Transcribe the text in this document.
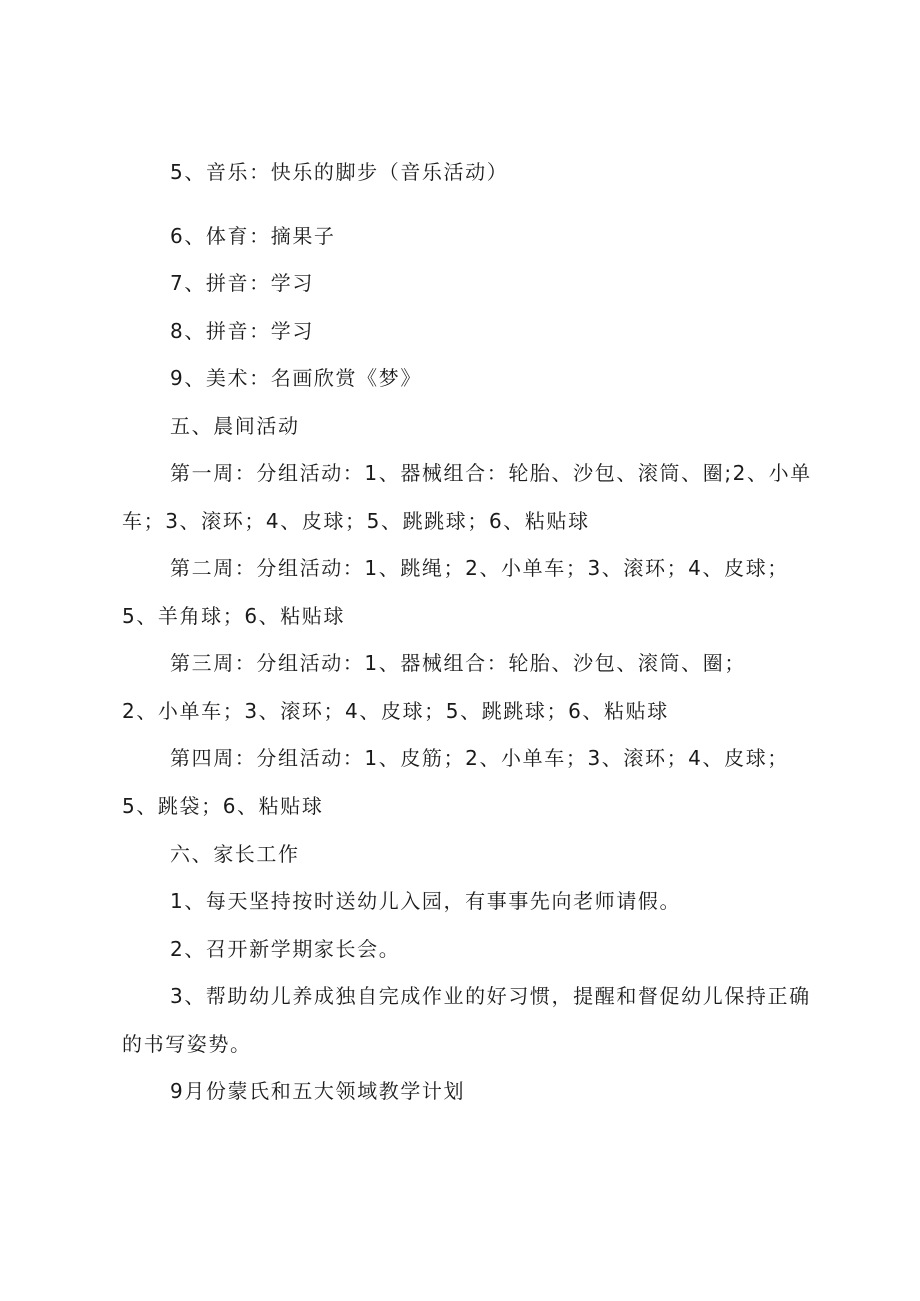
5、音乐：快乐的脚步（音乐活动）

6、体育：摘果子

7、拼音：学习

8、拼音：学习

9、美术：名画欣赏《梦》

五、晨间活动

第一周：分组活动：1、器械组合：轮胎、沙包、滚筒、圈;2、小单

车；3、滚环；4、皮球；5、跳跳球；6、粘贴球

第二周：分组活动：1、跳绳；2、小单车；3、滚环；4、皮球；

5、羊角球；6、粘贴球

第三周：分组活动：1、器械组合：轮胎、沙包、滚筒、圈；

2、小单车；3、滚环；4、皮球；5、跳跳球；6、粘贴球

第四周：分组活动：1、皮筋；2、小单车；3、滚环；4、皮球；

5、跳袋；6、粘贴球

六、家长工作

1、每天坚持按时送幼儿入园，有事事先向老师请假。

2、召开新学期家长会。

3、帮助幼儿养成独自完成作业的好习惯，提醒和督促幼儿保持正确

的书写姿势。

9月份蒙氏和五大领域教学计划
